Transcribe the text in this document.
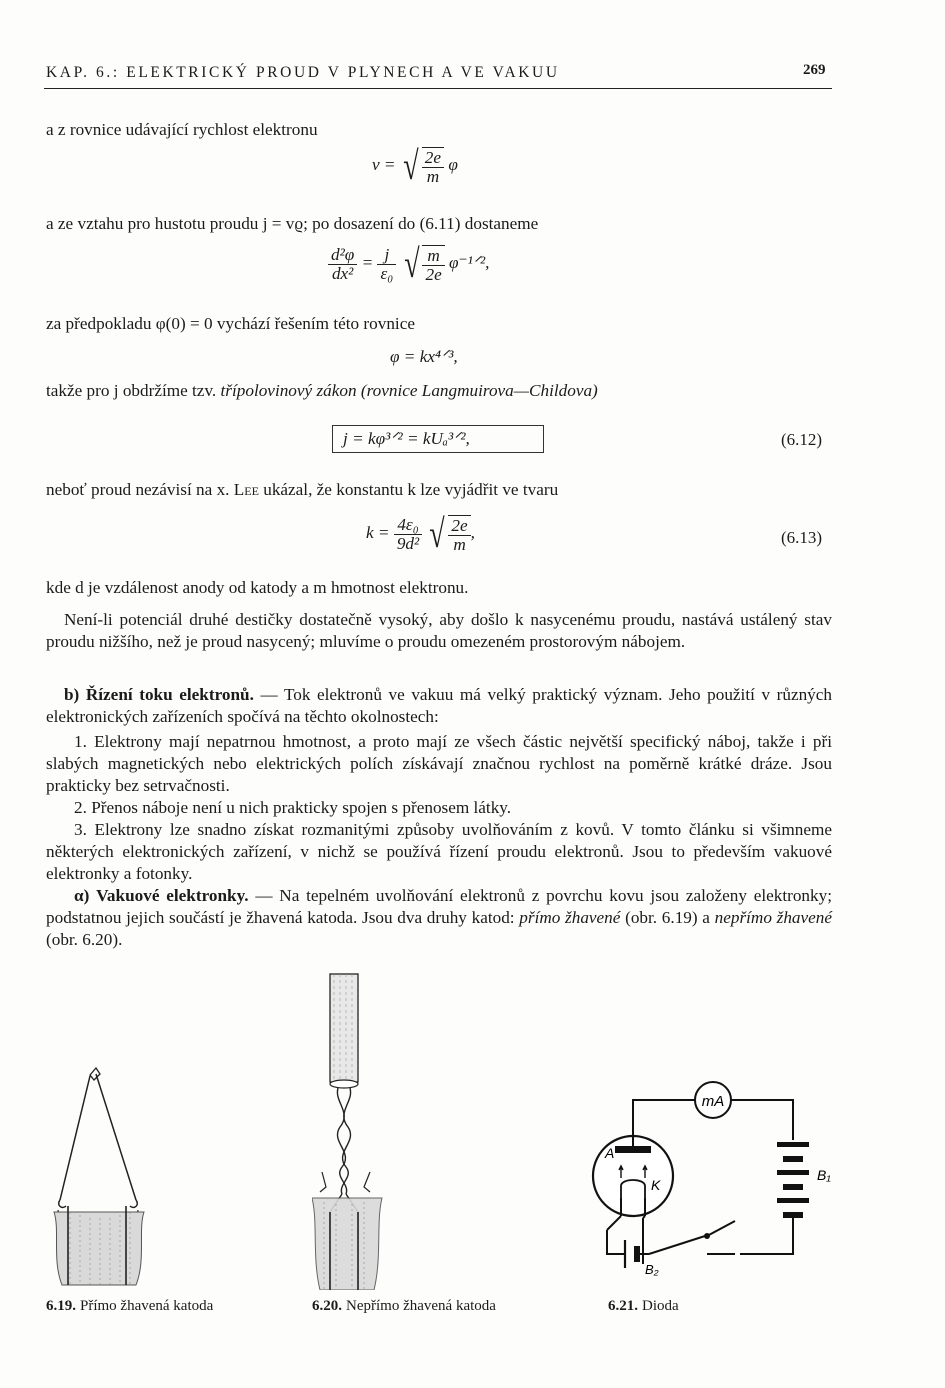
KAP. 6.: ELEKTRICKÝ PROUD V PLYNECH A VE VAKUU	269
a z rovnice udávající rychlost elektronu
v = √ $\frac{2e}{m}$ φ
a ze vztahu pro hustotu proudu j = vϱ; po dosazení do (6.11) dostaneme
$\frac{\text{d²φ}}{\text{dx²}} = \frac{j}{\text{ε₀}}$ √ $\frac{m}{2e}$ φ⁻¹ᐟ²,
za předpokladu φ(0) = 0 vychází řešením této rovnice
φ = kx⁴ᐟ³,
takže pro j obdržíme tzv. třípolovinový zákon (rovnice Langmuirova—Childova)
j = kφ³ᐟ² = kUₐ³ᐟ²,	(6.12)
neboť proud nezávisí na x. Lee ukázal, že konstantu k lze vyjádřit ve tvaru
$k = \frac{\text{4ε₀}}{\text{9d²}}$ √ $\frac{2e}{m}$ ,	(6.13)
kde d je vzdálenost anody od katody a m hmotnost elektronu.
Není-li potenciál druhé destičky dostatečně vysoký, aby došlo k nasycenému proudu, nastává ustálený stav proudu nižšího, než je proud nasycený; mluvíme o proudu omezeném prostorovým nábojem.
b) Řízení toku elektronů. — Tok elektronů ve vakuu má velký praktický význam. Jeho použití v různých elektronických zařízeních spočívá na těchto okolnostech:
1. Elektrony mají nepatrnou hmotnost, a proto mají ze všech částic největší specifický náboj, takže i při slabých magnetických nebo elektrických polích získávají značnou rychlost na poměrně krátké dráze. Jsou prakticky bez setrvačnosti.
2. Přenos náboje není u nich prakticky spojen s přenosem látky.
3. Elektrony lze snadno získat rozmanitými způsoby uvolňováním z kovů. V tomto článku si všimneme některých elektronických zařízení, v nichž se používá řízení proudu elektronů. Jsou to především vakuové elektronky a fotonky.
α) Vakuové elektronky. — Na tepelném uvolňování elektronů z povrchu kovu jsou založeny elektronky; podstatnou jejich součástí je žhavená katoda. Jsou dva druhy katod: přímo žhavené (obr. 6.19) a nepřímo žhavené (obr. 6.20).
mA
A
K
B₁
B₂
6.19. Přímo žhavená katoda	6.20. Nepřímo žhavená katoda	6.21. Dioda
